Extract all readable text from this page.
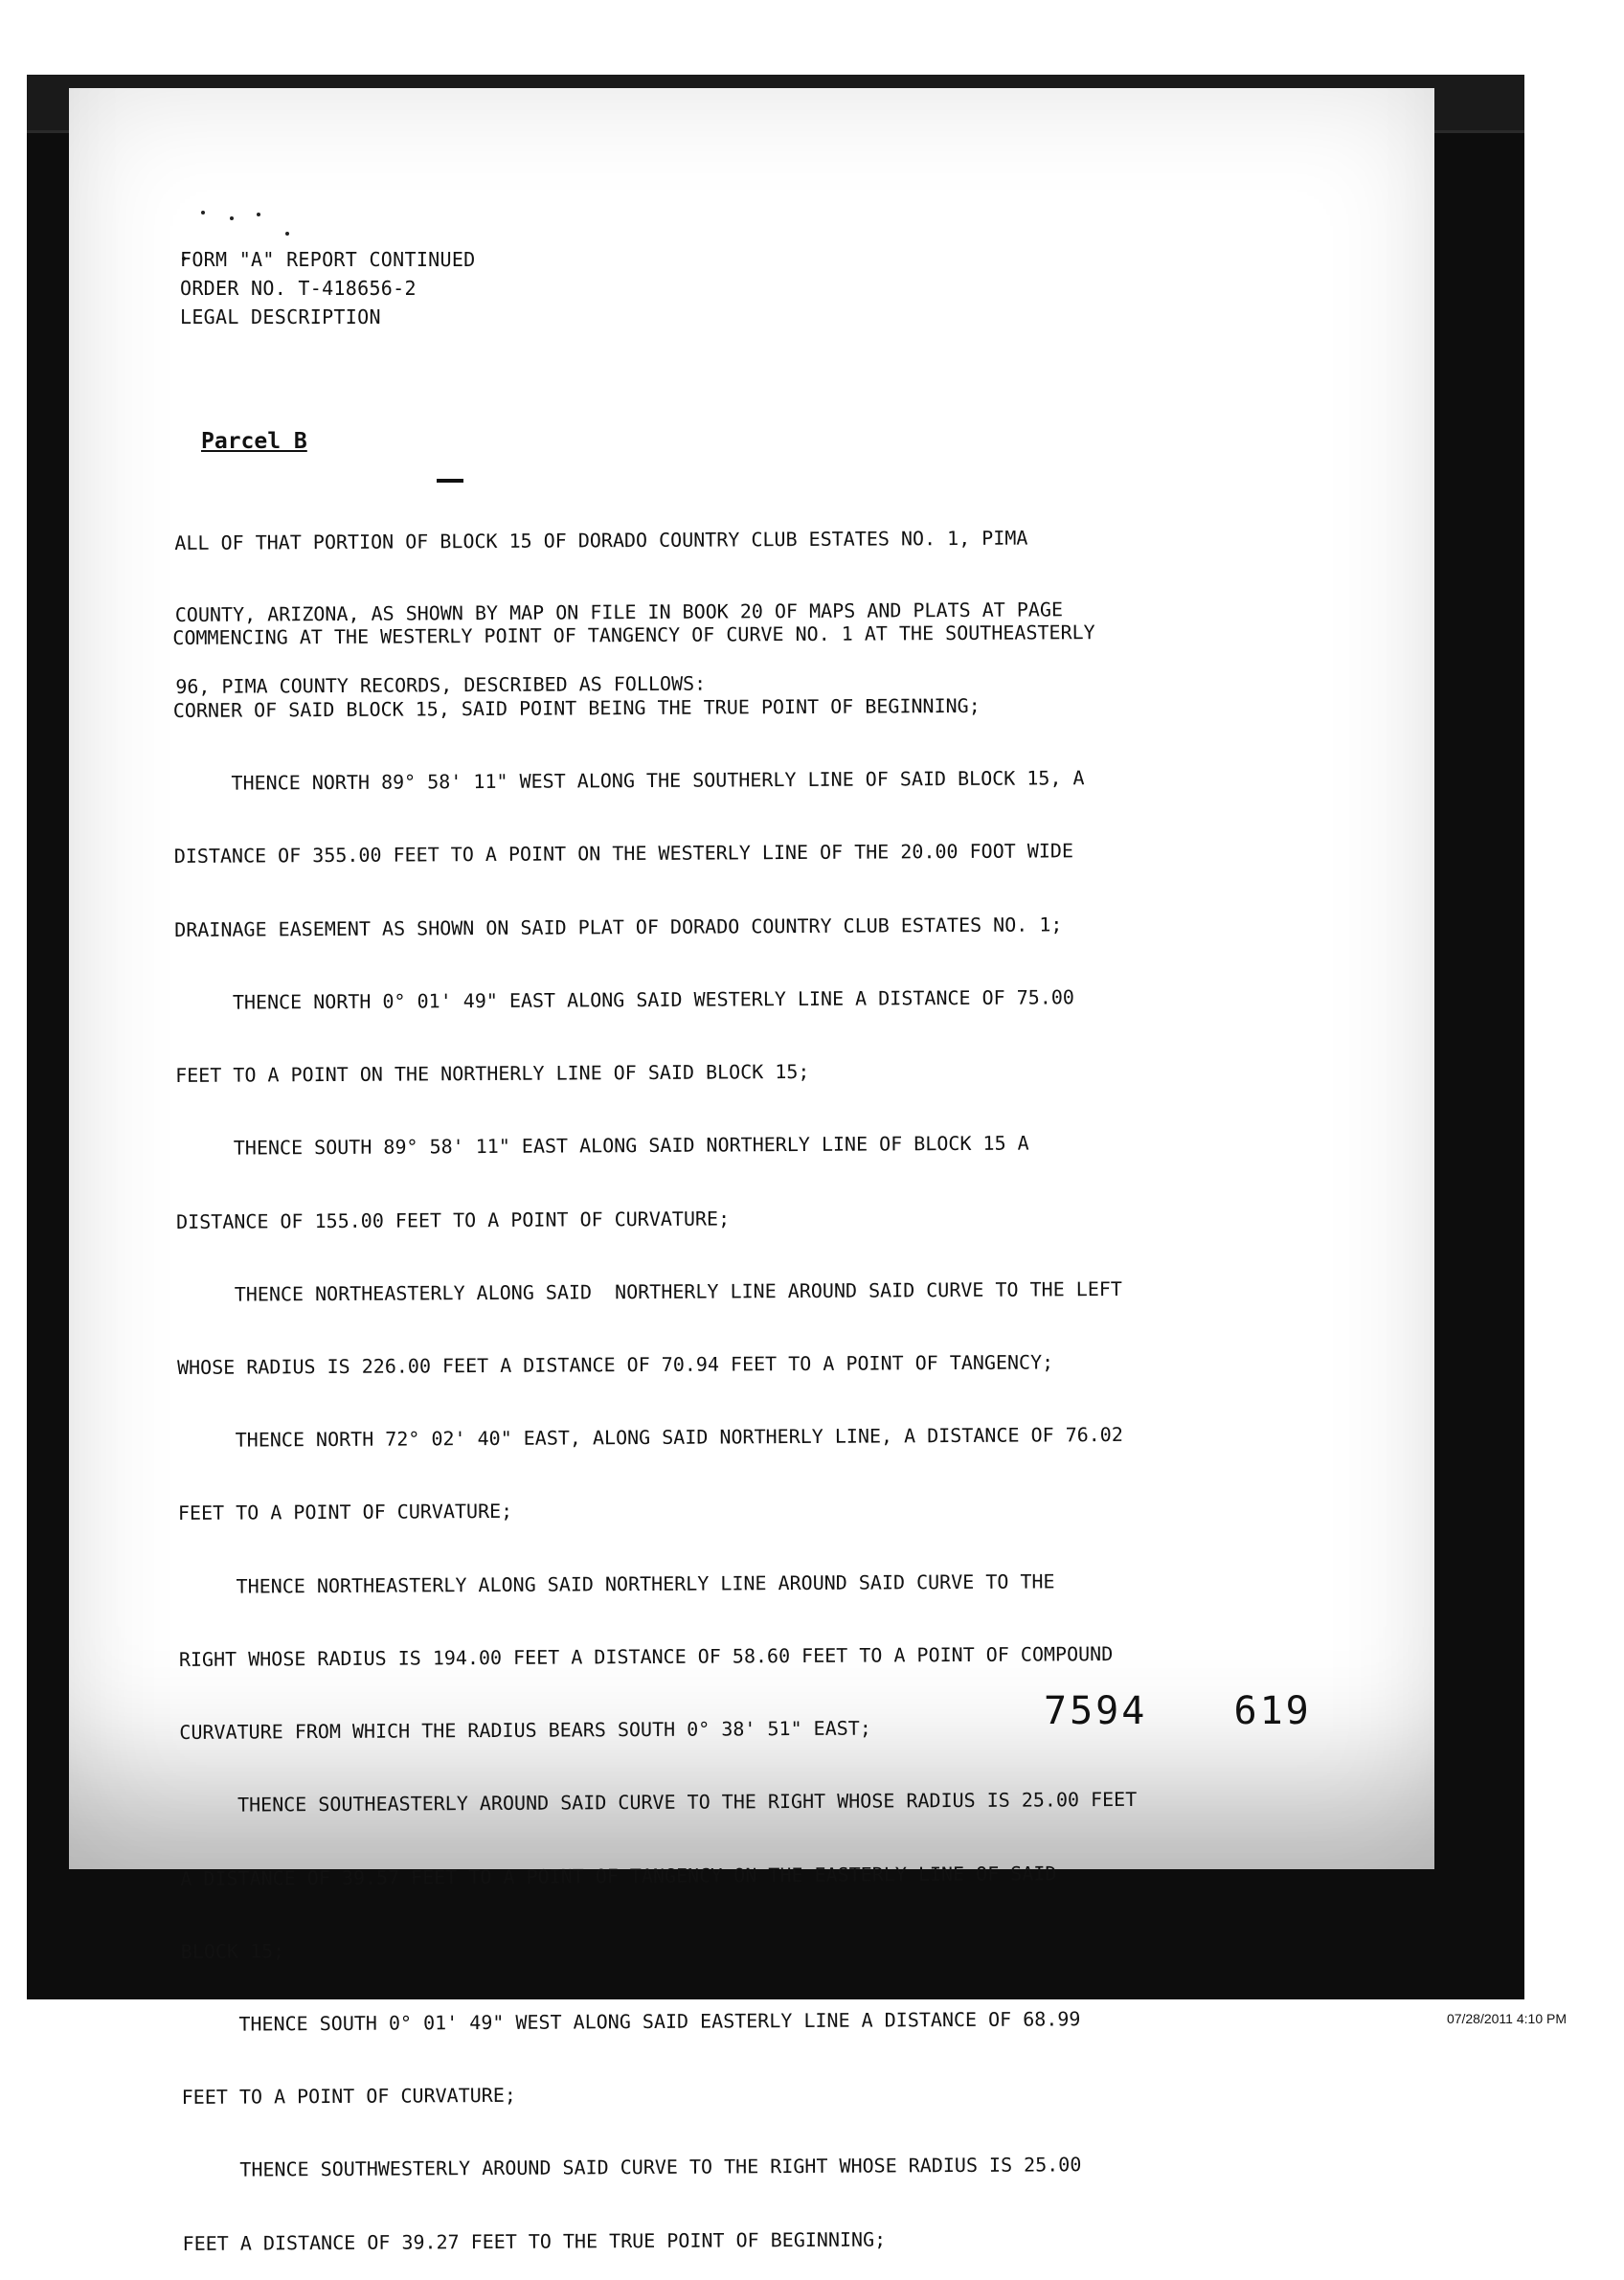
FORM "A" REPORT CONTINUED
ORDER NO. T-418656-2
LEGAL DESCRIPTION
Parcel B

ALL OF THAT PORTION OF BLOCK 15 OF DORADO COUNTRY CLUB ESTATES NO. 1, PIMA

COUNTY, ARIZONA, AS SHOWN BY MAP ON FILE IN BOOK 20 OF MAPS AND PLATS AT PAGE

96, PIMA COUNTY RECORDS, DESCRIBED AS FOLLOWS:

COMMENCING AT THE WESTERLY POINT OF TANGENCY OF CURVE NO. 1 AT THE SOUTHEASTERLY

CORNER OF SAID BLOCK 15, SAID POINT BEING THE TRUE POINT OF BEGINNING;

THENCE NORTH 89° 58' 11" WEST ALONG THE SOUTHERLY LINE OF SAID BLOCK 15, A

DISTANCE OF 355.00 FEET TO A POINT ON THE WESTERLY LINE OF THE 20.00 FOOT WIDE

DRAINAGE EASEMENT AS SHOWN ON SAID PLAT OF DORADO COUNTRY CLUB ESTATES NO. 1;

THENCE NORTH 0° 01' 49" EAST ALONG SAID WESTERLY LINE A DISTANCE OF 75.00

FEET TO A POINT ON THE NORTHERLY LINE OF SAID BLOCK 15;

THENCE SOUTH 89° 58' 11" EAST ALONG SAID NORTHERLY LINE OF BLOCK 15 A

DISTANCE OF 155.00 FEET TO A POINT OF CURVATURE;

THENCE NORTHEASTERLY ALONG SAID  NORTHERLY LINE AROUND SAID CURVE TO THE LEFT

WHOSE RADIUS IS 226.00 FEET A DISTANCE OF 70.94 FEET TO A POINT OF TANGENCY;

THENCE NORTH 72° 02' 40" EAST, ALONG SAID NORTHERLY LINE, A DISTANCE OF 76.02

FEET TO A POINT OF CURVATURE;

THENCE NORTHEASTERLY ALONG SAID NORTHERLY LINE AROUND SAID CURVE TO THE

RIGHT WHOSE RADIUS IS 194.00 FEET A DISTANCE OF 58.60 FEET TO A POINT OF COMPOUND

CURVATURE FROM WHICH THE RADIUS BEARS SOUTH 0° 38' 51" EAST;

THENCE SOUTHEASTERLY AROUND SAID CURVE TO THE RIGHT WHOSE RADIUS IS 25.00 FEET

A DISTANCE OF 39.57 FEET TO A POINT OF TANGENCY ON THE EASTERLY LINE OF SAID

BLOCK 15;

THENCE SOUTH 0° 01' 49" WEST ALONG SAID EASTERLY LINE A DISTANCE OF 68.99

FEET TO A POINT OF CURVATURE;

THENCE SOUTHWESTERLY AROUND SAID CURVE TO THE RIGHT WHOSE RADIUS IS 25.00

FEET A DISTANCE OF 39.27 FEET TO THE TRUE POINT OF BEGINNING;

7594  619
07/28/2011 4:10 PM
